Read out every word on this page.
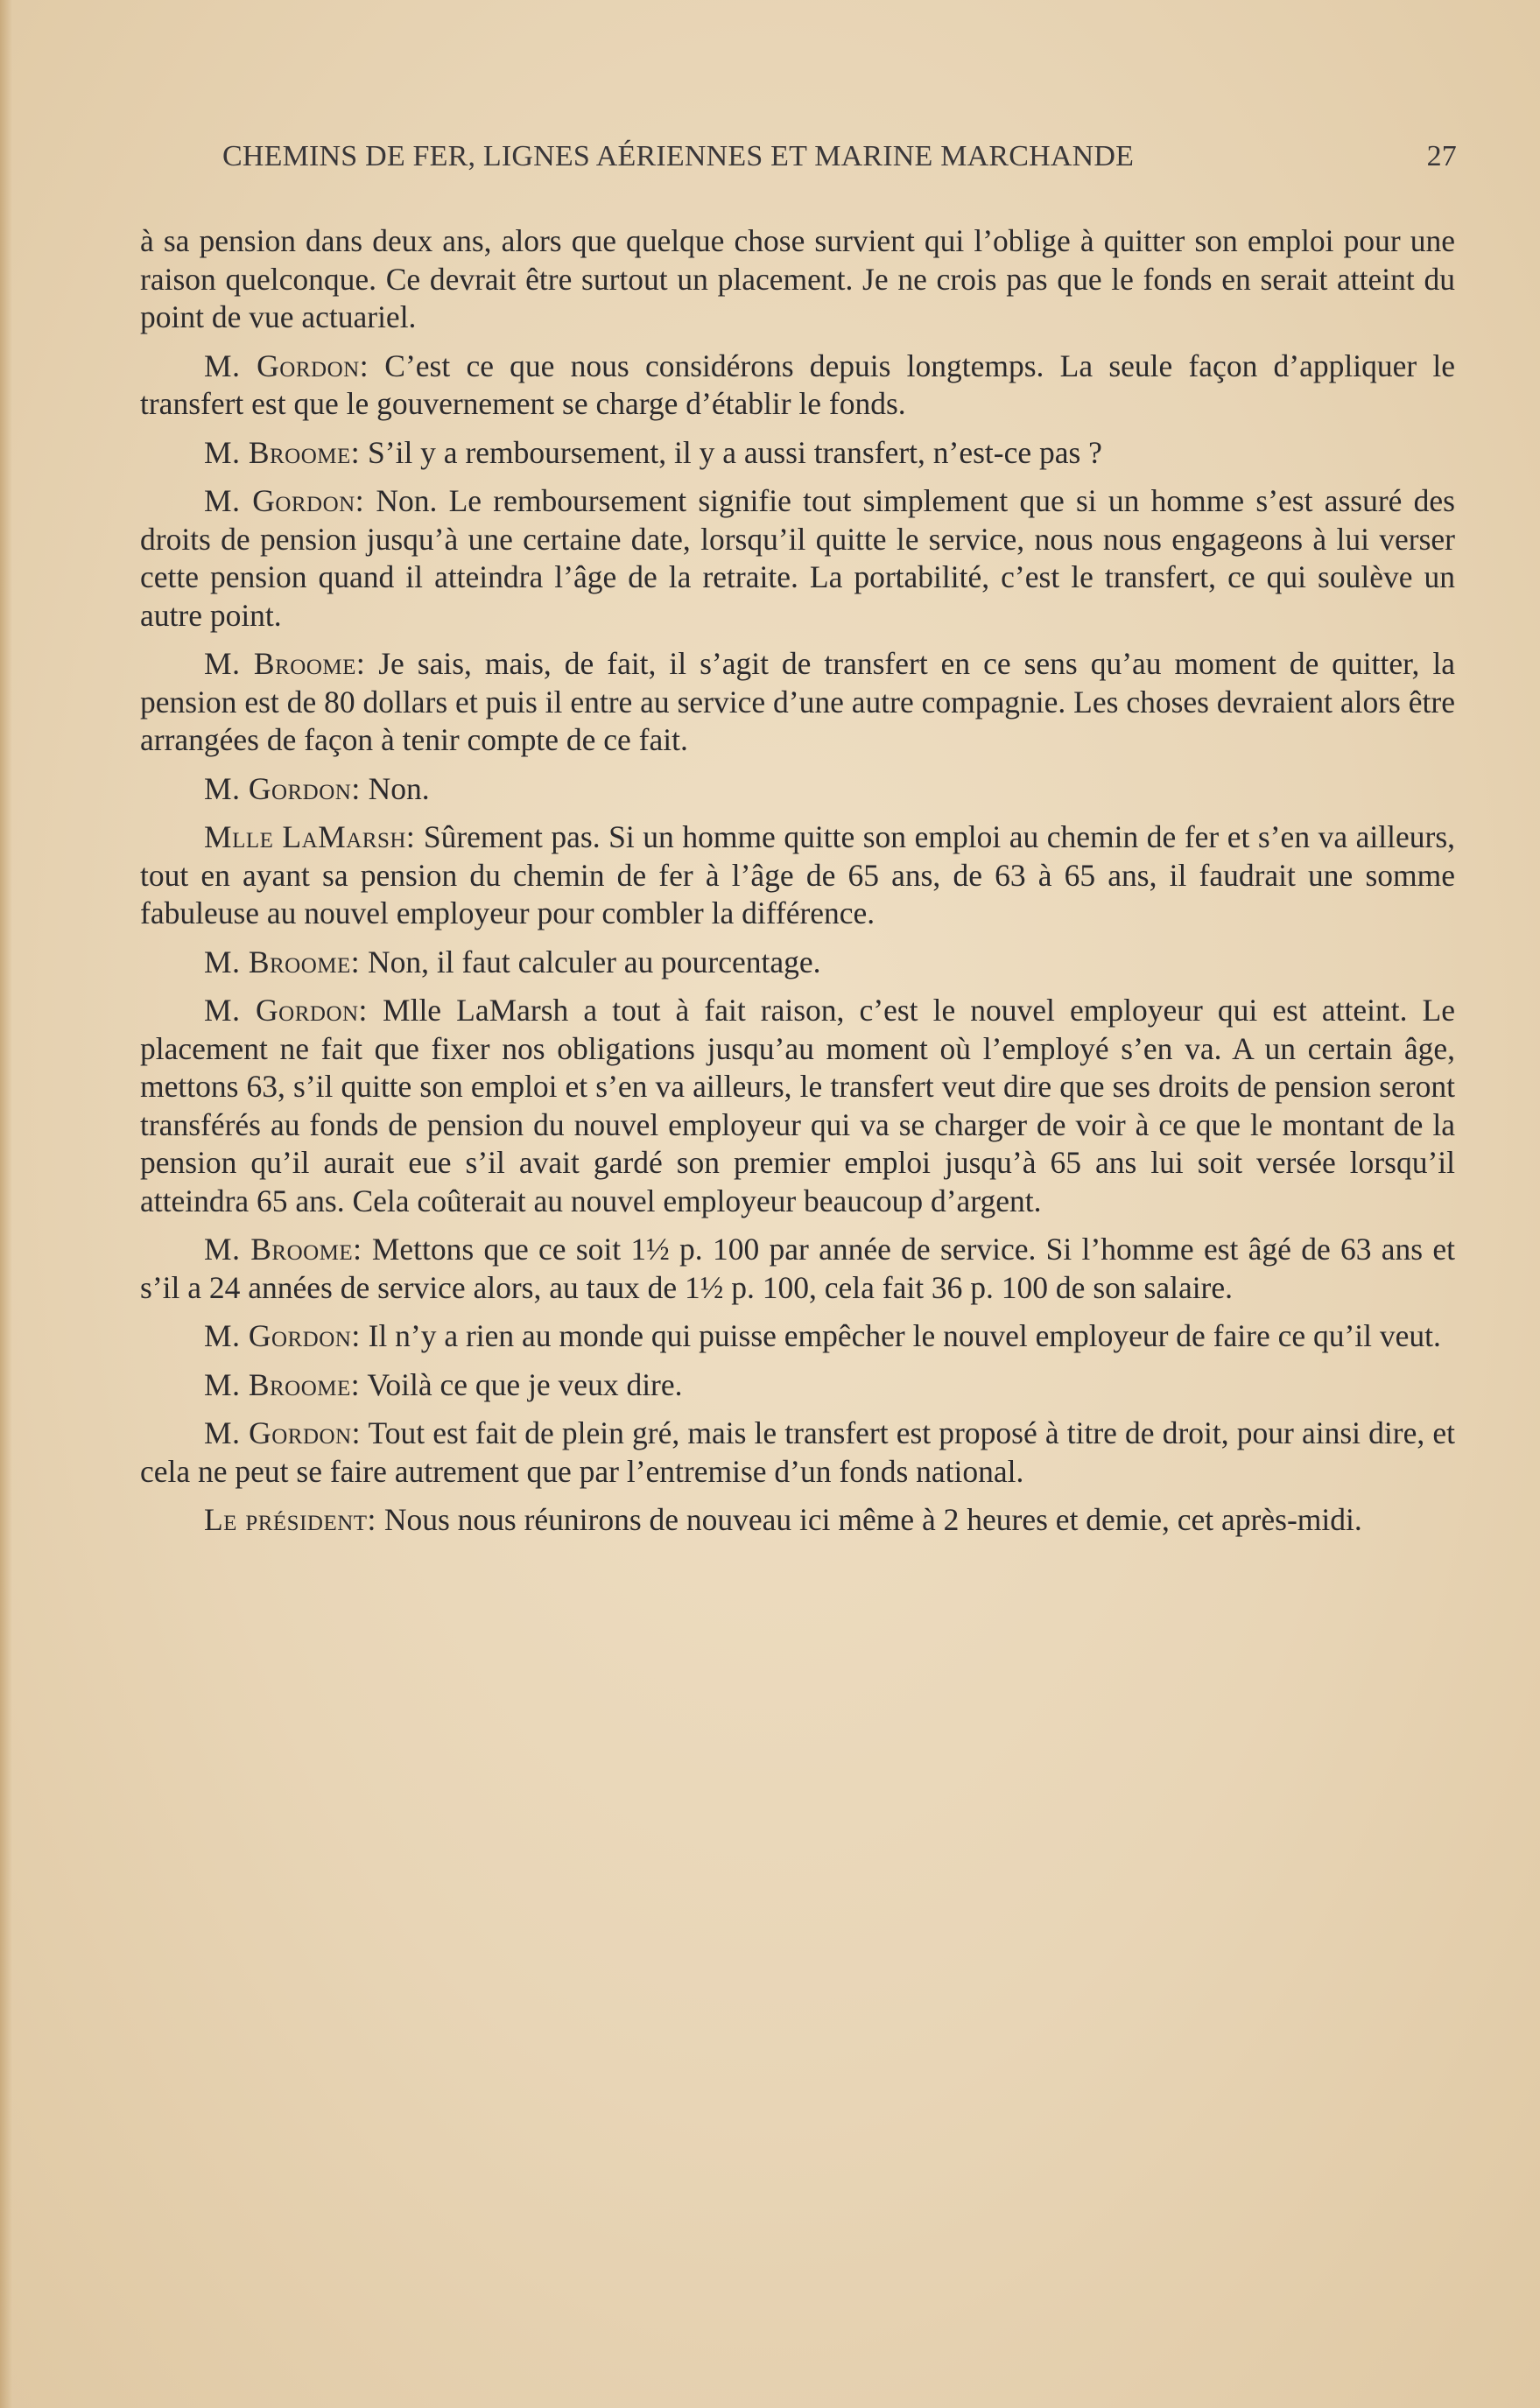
CHEMINS DE FER, LIGNES AÉRIENNES ET MARINE MARCHANDE	27

à sa pension dans deux ans, alors que quelque chose survient qui l’oblige à quitter son emploi pour une raison quelconque. Ce devrait être surtout un placement. Je ne crois pas que le fonds en serait atteint du point de vue actuariel.

M. Gordon: C’est ce que nous considérons depuis longtemps. La seule façon d’appliquer le transfert est que le gouvernement se charge d’établir le fonds.

M. Broome: S’il y a remboursement, il y a aussi transfert, n’est-ce pas ?

M. Gordon: Non. Le remboursement signifie tout simplement que si un homme s’est assuré des droits de pension jusqu’à une certaine date, lorsqu’il quitte le service, nous nous engageons à lui verser cette pension quand il atteindra l’âge de la retraite. La portabilité, c’est le transfert, ce qui soulève un autre point.

M. Broome: Je sais, mais, de fait, il s’agit de transfert en ce sens qu’au moment de quitter, la pension est de 80 dollars et puis il entre au service d’une autre compagnie. Les choses devraient alors être arrangées de façon à tenir compte de ce fait.

M. Gordon: Non.

Mlle LaMarsh: Sûrement pas. Si un homme quitte son emploi au chemin de fer et s’en va ailleurs, tout en ayant sa pension du chemin de fer à l’âge de 65 ans, de 63 à 65 ans, il faudrait une somme fabuleuse au nouvel employeur pour combler la différence.

M. Broome: Non, il faut calculer au pourcentage.

M. Gordon: Mlle LaMarsh a tout à fait raison, c’est le nouvel employeur qui est atteint. Le placement ne fait que fixer nos obligations jusqu’au moment où l’employé s’en va. A un certain âge, mettons 63, s’il quitte son emploi et s’en va ailleurs, le transfert veut dire que ses droits de pension seront transférés au fonds de pension du nouvel employeur qui va se charger de voir à ce que le montant de la pension qu’il aurait eue s’il avait gardé son premier emploi jusqu’à 65 ans lui soit versée lorsqu’il atteindra 65 ans. Cela coûterait au nouvel employeur beaucoup d’argent.

M. Broome: Mettons que ce soit 1½ p. 100 par année de service. Si l’homme est âgé de 63 ans et s’il a 24 années de service alors, au taux de 1½ p. 100, cela fait 36 p. 100 de son salaire.

M. Gordon: Il n’y a rien au monde qui puisse empêcher le nouvel employeur de faire ce qu’il veut.

M. Broome: Voilà ce que je veux dire.

M. Gordon: Tout est fait de plein gré, mais le transfert est proposé à titre de droit, pour ainsi dire, et cela ne peut se faire autrement que par l’entremise d’un fonds national.

Le président: Nous nous réunirons de nouveau ici même à 2 heures et demie, cet après-midi.
